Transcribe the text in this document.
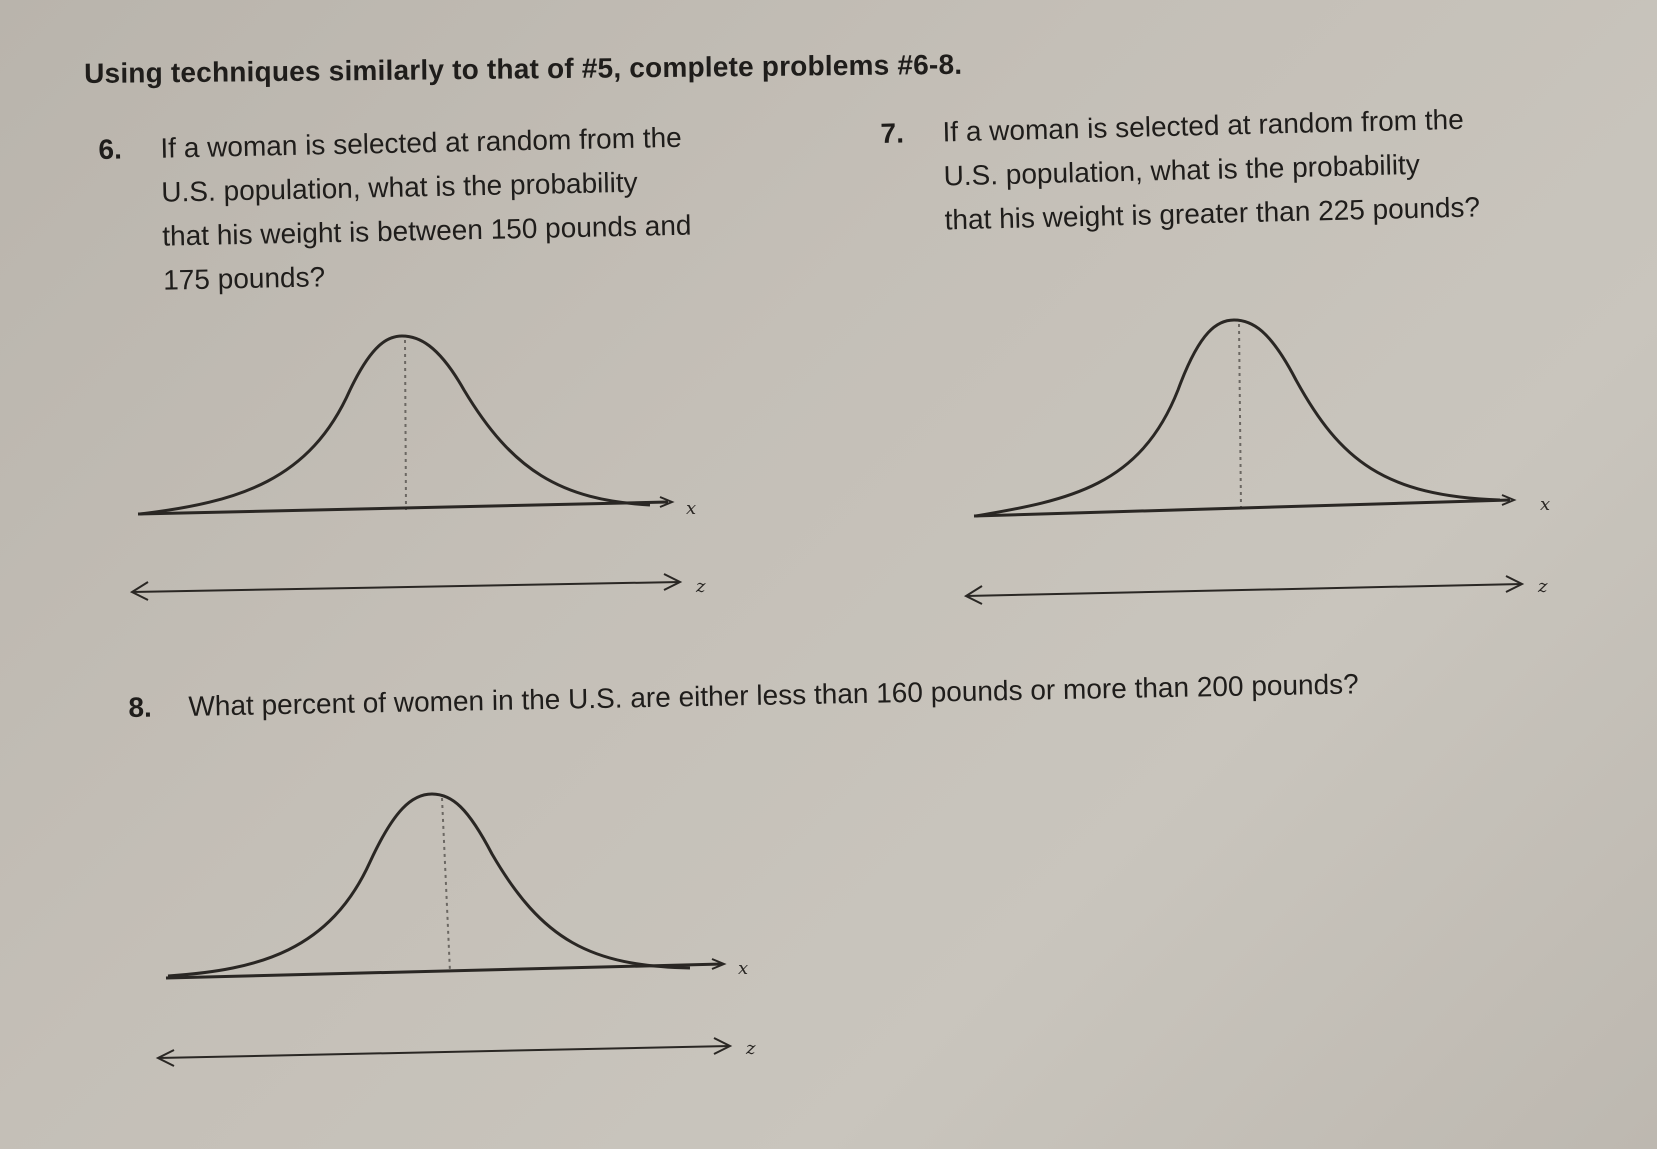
Using techniques similarly to that of #5, complete problems #6-8.
6. If a woman is selected at random from the
U.S. population, what is the probability
that his weight is between 150 pounds and
175 pounds?
7. If a woman is selected at random from the
U.S. population, what is the probability
that his weight is greater than 225 pounds?
8. What percent of women in the U.S. are either less than 160 pounds or more than 200 pounds?
x
z
x
z
x
z
